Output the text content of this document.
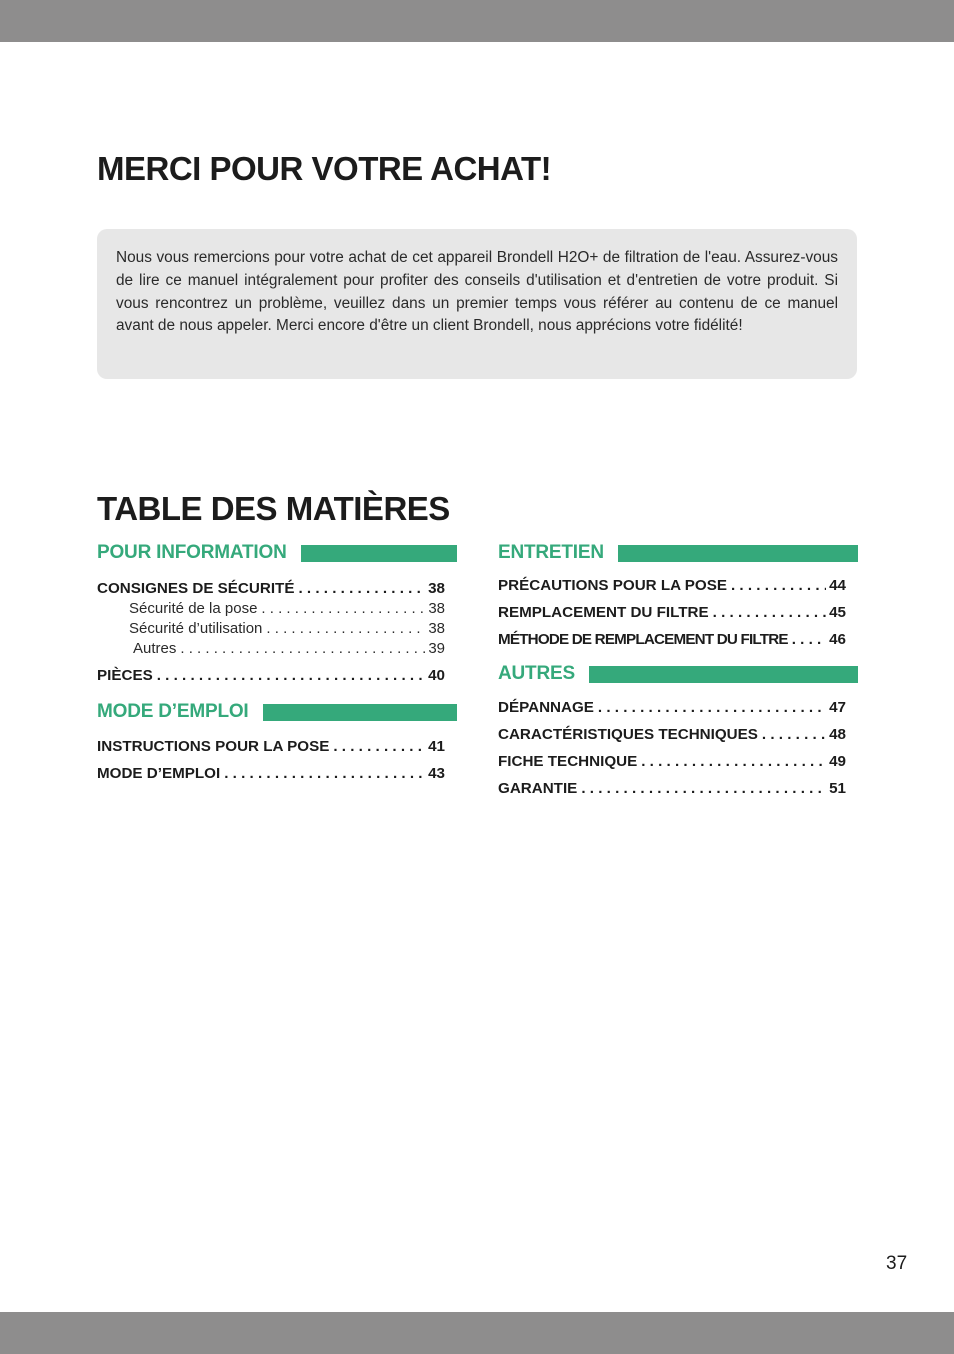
MERCI POUR VOTRE ACHAT!

Nous vous remercions pour votre achat de cet appareil Brondell H2O+ de filtration de l'eau. Assurez-vous de lire ce manuel intégralement pour profiter des conseils d'utilisation et d'entretien de votre produit. Si vous rencontrez un problème, veuillez dans un premier temps vous référer au contenu de ce manuel avant de nous appeler. Merci encore d'être un client Brondell, nous apprécions votre fidélité!

TABLE DES MATIÈRES
POUR INFORMATION
CONSIGNES DE SÉCURITÉ . . .	38
Sécurité de la pose . . .	38
Sécurité d’utilisation . . .	38
Autres . . .	39
PIÈCES . . .	40
MODE D’EMPLOI
INSTRUCTIONS POUR LA POSE . . .	41
MODE D’EMPLOI . . .	43
ENTRETIEN
PRÉCAUTIONS POUR LA POSE . . .	44
REMPLACEMENT DU FILTRE . . .	45
MÉTHODE DE REMPLACEMENT DU FILTRE . . .	46
AUTRES
DÉPANNAGE . . .	47
CARACTÉRISTIQUES TECHNIQUES . . .	48
FICHE TECHNIQUE . . .	49
GARANTIE . . .	51
37
